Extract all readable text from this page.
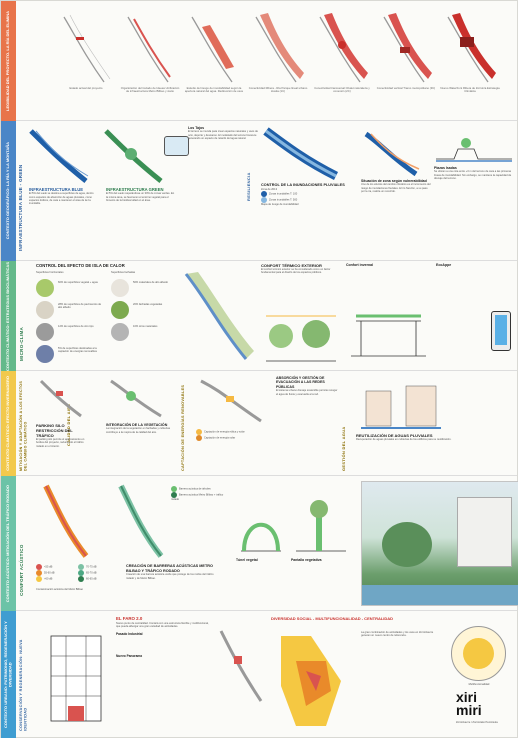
LEGIBILIDAD DEL PROYECTO. LA RÍA DEL ELIMINA
CONTEXTO GEOGRÁFICO: LA RÍA Y LA MONTAÑA
CONTEXTO CLIMÁTICO: ESTRATEGIAS BIOCLIMÁTICAS
CONTEXTO CLIMÁTICO: EFECTO INVERNADERO
CONTEXTO ACÚSTICO: MITIGACIÓN DEL TRÁFICO RODADO
CONTEXTO URBANO: PATRIMONIO, REGENERACIÓN Y DIVERSIDAD
Estado actual del proyecto	Organización del trazado de Ideeas Unificación de infraestructura Metro Bilbao y viario
Estudio del riesgo de inundabilidad según la apertura natural del agua. Redirección de usos
Conectividad Ribera - Ría Parque lineal urbano Hostia (1C)
Conectividad transversal Chalet naturaleza y conexión (2C)
Conectividad vertical Tramo metropolitano (3C) Nuevo Waterfront Ribera de Zorrotza Estrategia Climática
INFRAESTRUCTURA BLUE - GREEN INFRAESTRUCTURA BLUE
El 5% del suelo se destina a superficies de agua, dentro como espacios de absorción de aguas pluviales, como espacios lúdicos, de cara a mantener el área de la ría inundable.
INFRAESTRUCTURA GREEN
El 5% del suelo respetándose un 30% de zonas verdes. En la misma área, se favorecen el entorno vegetal para el fomento de la biodiversidad en el área.
Los Tajos
El terreno se inunda para crear espacios naturales y usos de ocio, deporte y descanso. El modelado del terreno favorece generando un espacio de retardo del agua natural.
CONTROL DE LA INUNDACIONES PLUVIALES
Zona de 2013
Zonas inundables T: 100
Zonas inundables T: 500
Mapa de riesgo de inundabilidad
RESILIENCIA	Situación de zona según vulnerabilidad
Uno de los efectos del cambio climático es el incremento del riesgo de inundaciones fluviales. El río Nervión, a su paso por la ría, realiza un recorrido.
Plazas Isadas
Se ubican a una cota entre +3 m del terreno de cara a las primeras líneas de inundabilidad. Sin embargo, se mantiene la capacidad de drenaje del terreno.
MICRO-CLIMA
CONTROL DEL EFECTO DE ISLA DE CALOR
Superficies horizontales	Superficies fachadas
60% de superficies vegetal + agua
28% de superficies de pavimentos de alto albedo
12% de superficies de otro tipo
5% de superficies destinadas a la captación de energías renovables
56% materiales de alto albedo
20% fachadas vegetadas
10% otros materiales
CONFORT TÉRMICO EXTERIOR
El confort térmico exterior se ha considerado como un factor fundamental para el diseño de los espacios públicos.
Confort invernal	EcoAppe
MITIGACIÓN Y ADAPTACIÓN A LOS EFECTOS DEL CAMBIO CLIMÁTICO	CALIDAD DEL AIRE
PARKING SILO RESTRICCIÓN DEL TRÁFICO
El parking silo permite el aparcamiento en bordes del proyecto, reduciendo el tráfico rodado en el interior.
INTEGRACIÓN DE LA VEGETACIÓN
La integración de la vegetación en fachadas y cubiertas contribuye a la mejora de la calidad del aire.	CAPTACIÓN DE ENERGÍAS RENOVABLES	Captación de energía eólica y solar
Captación de energía solar	GESTIÓN DEL AGUA
ABSORCIÓN Y GESTIÓN DE EVACUACIÓN A LAS REDES PÚBLICAS
El sistema urbano drenaje sostenible permite recoger el agua de lluvia y evacuarla a la red.
REUTILIZACIÓN DE AGUAS PLUVIALES
Recuperación de aguas pluviales en cubiertas de los edificios para su reutilización.
CONFORT ACÚSTICO	<55 dB
55-60 dB
>60 dB
70-75 dB
65-70 dB
60-65 dB
Contaminación acústica del Metro Bilbao
Barrera acústica de árboles
Barrera acústica Metro Bilbao + tráfico rodado
CREACIÓN DE BARRERAS ACÚSTICAS METRO BILBAO Y TRÁFICO RODADO
Creación de una barrera acústica verde que protege de los ruidos del tráfico rodado y de Metro Bilbao.
Túnel vegetal	Pantalla vegetativa
CONSERVACIÓN Y REGENERACIÓN: NUEVA IDENTIDAD
EL FARO 2.0
Nuevo punto de centralidad. Contará con una estructura flexible y multifuncional, que pueda albergar una gran variedad de actividades.
Pasado Industrial
Nuevo Panorama
DIVERSIDAD SOCIAL - MULTIFUNCIONALIDAD - CENTRALIDAD
La gran combinación de actividades y los usos en Zorrotzaurre generan un nuevo centro de referencia.
Multifuncionalidad
xiri
miri
Zorrotzaurre / Zorrotzako Penintsula
